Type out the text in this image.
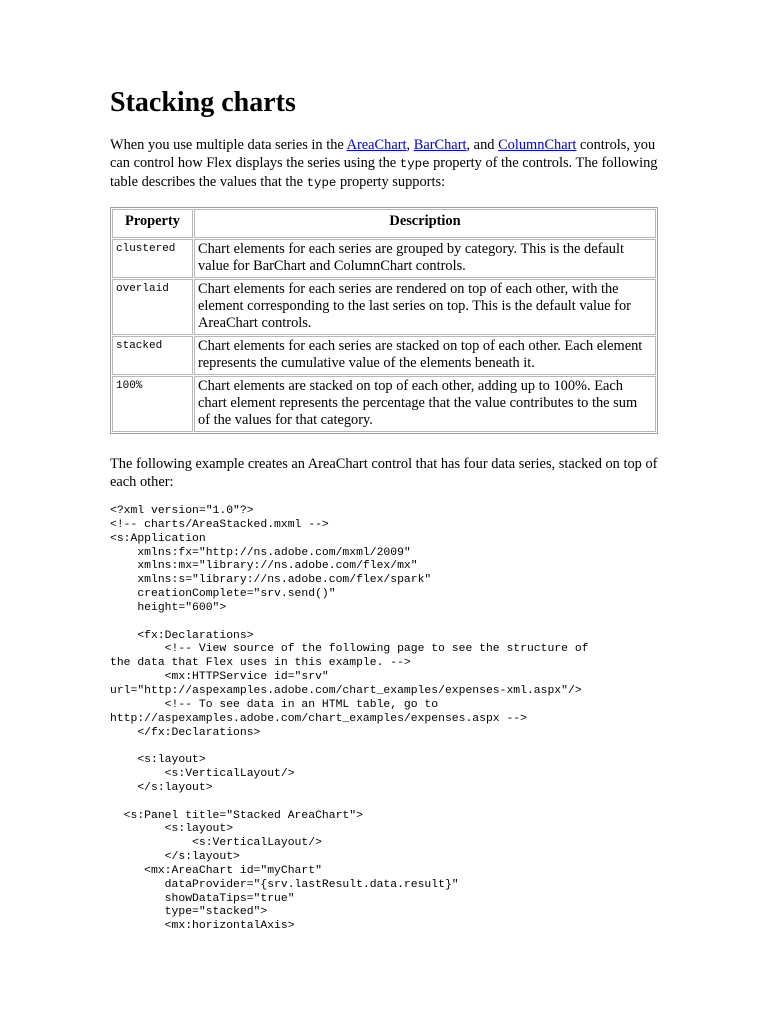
Stacking charts

When you use multiple data series in the AreaChart, BarChart, and ColumnChart controls, you can control how Flex displays the series using the type property of the controls. The following table describes the values that the type property supports:

Property	Description
clustered	Chart elements for each series are grouped by category. This is the default value for BarChart and ColumnChart controls.
overlaid	Chart elements for each series are rendered on top of each other, with the element corresponding to the last series on top. This is the default value for AreaChart controls.
stacked	Chart elements for each series are stacked on top of each other. Each element represents the cumulative value of the elements beneath it.
100%	Chart elements are stacked on top of each other, adding up to 100%. Each chart element represents the percentage that the value contributes to the sum of the values for that category.

The following example creates an AreaChart control that has four data series, stacked on top of each other:

<?xml version="1.0"?>
<!-- charts/AreaStacked.mxml -->
<s:Application
xmlns:fx="http://ns.adobe.com/mxml/2009"
xmlns:mx="library://ns.adobe.com/flex/mx"
xmlns:s="library://ns.adobe.com/flex/spark"
creationComplete="srv.send()"
height="600">

<fx:Declarations>
<!-- View source of the following page to see the structure of
the data that Flex uses in this example. -->
<mx:HTTPService id="srv"
url="http://aspexamples.adobe.com/chart_examples/expenses-xml.aspx"/>
<!-- To see data in an HTML table, go to
http://aspexamples.adobe.com/chart_examples/expenses.aspx -->
</fx:Declarations>

<s:layout>
<s:VerticalLayout/>
</s:layout>

<s:Panel title="Stacked AreaChart">
<s:layout>
<s:VerticalLayout/>
</s:layout>
<mx:AreaChart id="myChart"
dataProvider="{srv.lastResult.data.result}"
showDataTips="true"
type="stacked">
<mx:horizontalAxis>
